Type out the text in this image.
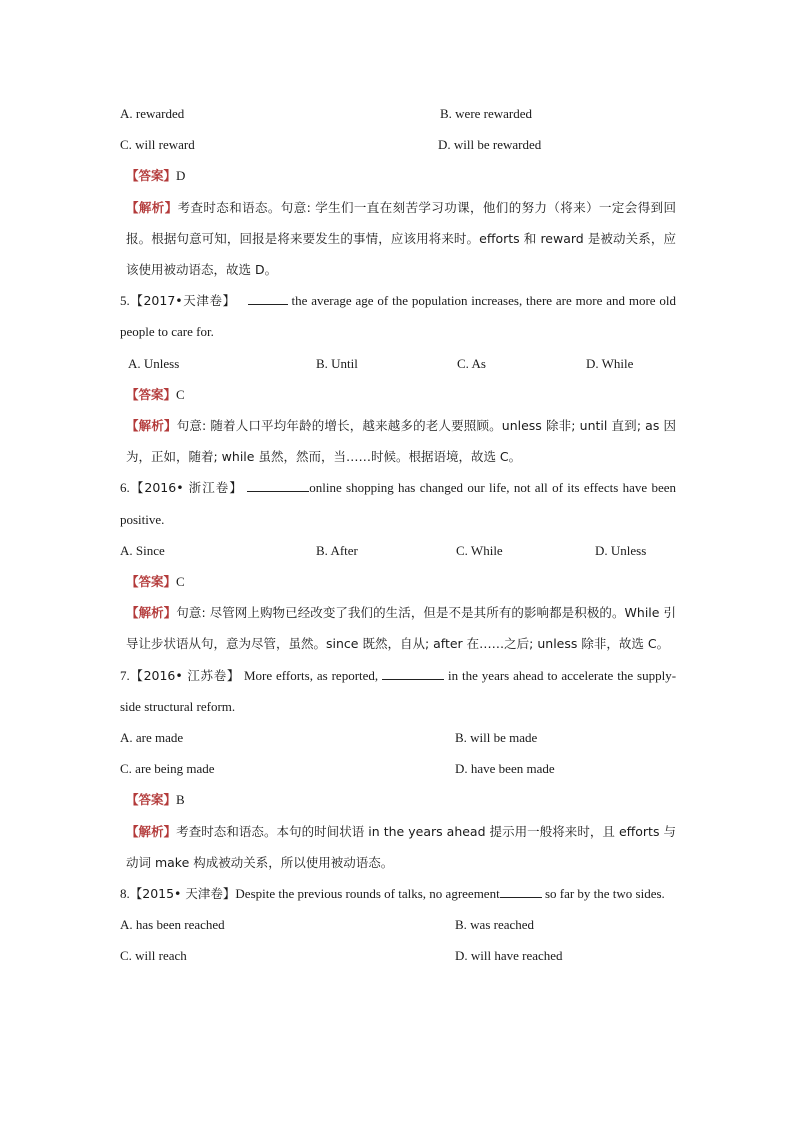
A. rewarded	B. were rewarded
C. will reward	D. will be rewarded
【答案】D
【解析】考查时态和语态。句意: 学生们一直在刻苦学习功课，他们的努力（将来）一定会得到回报。根据句意可知，回报是将来要发生的事情，应该用将来时。efforts 和 reward 是被动关系，应该使用被动语态，故选 D。
5.【2017•天津卷】	the average age of the population increases, there are more and more old people to care for.
A. Unless	B. Until	C. As	D. While
【答案】C
【解析】句意: 随着人口平均年龄的增长，越来越多的老人要照顾。unless 除非; until 直到; as 因为，正如，随着; while 虽然，然而，当……时候。根据语境，故选 C。
6.【2016• 浙江卷】	online shopping has changed our life, not all of its effects have been positive.
A. Since	B. After	C. While	D. Unless
【答案】C
【解析】句意: 尽管网上购物已经改变了我们的生活，但是不是其所有的影响都是积极的。While 引导让步状语从句，意为尽管，虽然。since 既然，自从; after 在……之后; unless 除非，故选 C。
7.【2016• 江苏卷】 More efforts, as reported,	in the years ahead to accelerate the supply-side structural reform.
A. are made	B. will be made
C. are being made	D. have been made
【答案】B
【解析】考查时态和语态。本句的时间状语 in the years ahead 提示用一般将来时，且 efforts 与动词 make 构成被动关系，所以使用被动语态。
8.【2015• 天津卷】Despite the previous rounds of talks, no agreement	so far by the two sides.
A. has been reached	B. was reached
C. will reach	D. will have reached
